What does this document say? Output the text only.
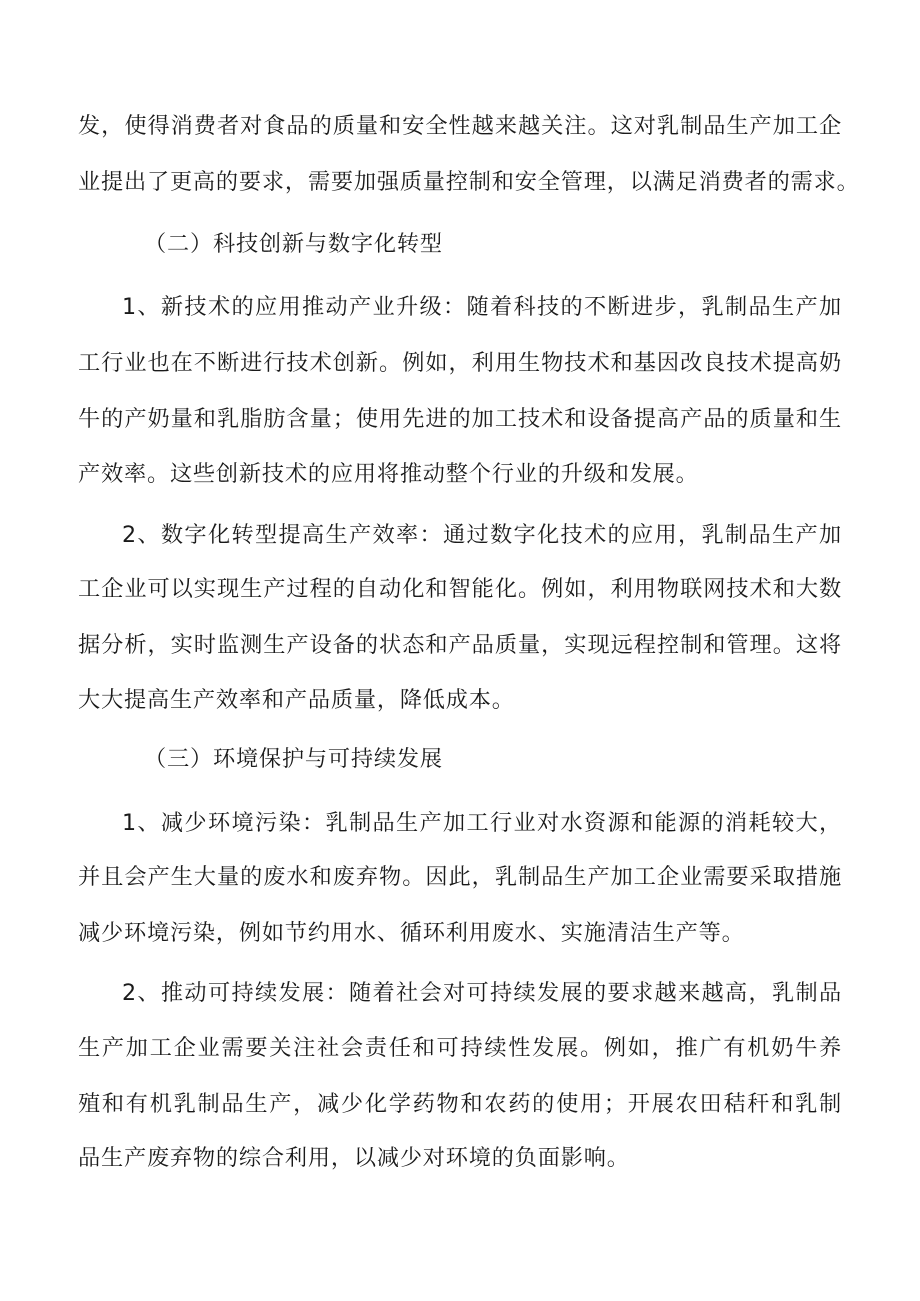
发，使得消费者对食品的质量和安全性越来越关注。这对乳制品生产加工企
业提出了更高的要求，需要加强质量控制和安全管理，以满足消费者的需求。
（二）科技创新与数字化转型
1、新技术的应用推动产业升级：随着科技的不断进步，乳制品生产加
工行业也在不断进行技术创新。例如，利用生物技术和基因改良技术提高奶
牛的产奶量和乳脂肪含量；使用先进的加工技术和设备提高产品的质量和生
产效率。这些创新技术的应用将推动整个行业的升级和发展。
2、数字化转型提高生产效率：通过数字化技术的应用，乳制品生产加
工企业可以实现生产过程的自动化和智能化。例如，利用物联网技术和大数
据分析，实时监测生产设备的状态和产品质量，实现远程控制和管理。这将
大大提高生产效率和产品质量，降低成本。
（三）环境保护与可持续发展
1、减少环境污染：乳制品生产加工行业对水资源和能源的消耗较大，
并且会产生大量的废水和废弃物。因此，乳制品生产加工企业需要采取措施
减少环境污染，例如节约用水、循环利用废水、实施清洁生产等。
2、推动可持续发展：随着社会对可持续发展的要求越来越高，乳制品
生产加工企业需要关注社会责任和可持续性发展。例如，推广有机奶牛养
殖和有机乳制品生产，减少化学药物和农药的使用；开展农田秸秆和乳制
品生产废弃物的综合利用，以减少对环境的负面影响。
